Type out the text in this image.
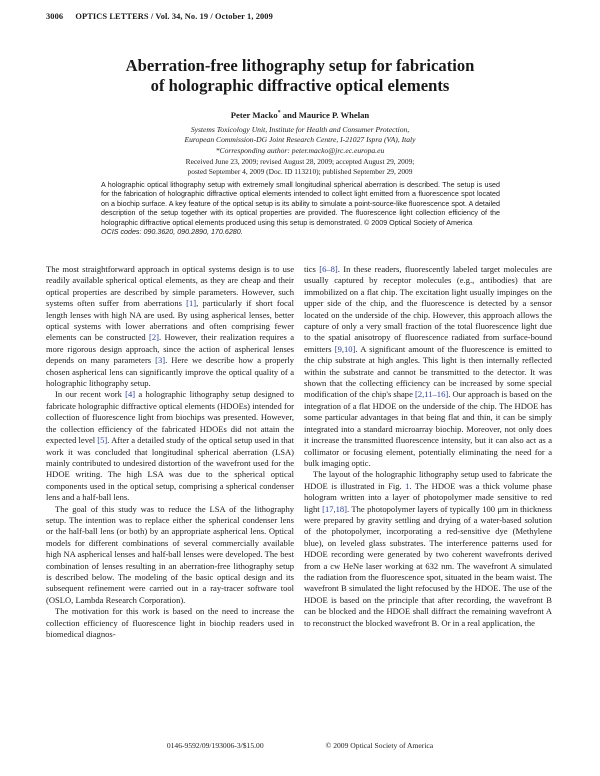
3006 OPTICS LETTERS / Vol. 34, No. 19 / October 1, 2009
Aberration-free lithography setup for fabrication
of holographic diffractive optical elements
Peter Macko* and Maurice P. Whelan
Systems Toxicology Unit, Institute for Health and Consumer Protection,
European Commission-DG Joint Research Centre, I-21027 Ispra (VA), Italy
*Corresponding author: peter.macko@jrc.ec.europa.eu
Received June 23, 2009; revised August 28, 2009; accepted August 29, 2009;
posted September 4, 2009 (Doc. ID 113210); published September 29, 2009
A holographic optical lithography setup with extremely small longitudinal spherical aberration is described. The setup is used for the fabrication of holographic diffractive optical elements intended to collect light emitted from a fluorescence spot located on a biochip surface. A key feature of the optical setup is its ability to simulate a point-source-like fluorescence spot. A detailed description of the setup together with its optical properties are provided. The fluorescence light collection efficiency of the holographic diffractive optical elements produced using this setup is demonstrated. © 2009 Optical Society of America
OCIS codes: 090.3620, 090.2890, 170.6280.

The most straightforward approach in optical systems design is to use readily available spherical optical elements, as they are cheap and their optical properties are described by simple parameters. However, such systems often suffer from aberrations [1], particularly if short focal length lenses with high NA are used. By using aspherical lenses, better optical systems with lower aberrations and often comprising fewer elements can be constructed [2]. However, their realization requires a more rigorous design approach, since the action of aspherical lenses depends on many parameters [3]. Here we describe how a properly chosen aspherical lens can significantly improve the optical quality of a holographic lithography setup.

In our recent work [4] a holographic lithography setup designed to fabricate holographic diffractive optical elements (HDOEs) intended for collection of fluorescence light from biochips was presented. However, the collection efficiency of the fabricated HDOEs did not attain the expected level [5]. After a detailed study of the optical setup used in that work it was concluded that longitudinal spherical aberration (LSA) mainly contributed to undesired distortion of the wavefront used for the HDOE writing. The high LSA was due to the spherical optical components used in the optical setup, comprising a spherical condenser lens and a half-ball lens.

The goal of this study was to reduce the LSA of the lithography setup. The intention was to replace either the spherical condenser lens or the half-ball lens (or both) by an appropriate aspherical lens. Optical models for different combinations of several commercially available high NA aspherical lenses and half-ball lenses were developed. The best combination of lenses resulting in an aberration-free lithography setup is described below. The modeling of the basic optical design and its subsequent refinement were carried out in a ray-tracer software tool (OSLO, Lambda Research Corporation).

The motivation for this work is based on the need to increase the collection efficiency of fluorescence light in biochip readers used in biomedical diagnos-

tics [6–8]. In these readers, fluorescently labeled target molecules are usually captured by receptor molecules (e.g., antibodies) that are immobilized on a flat chip. The excitation light usually impinges on the upper side of the chip, and the fluorescence is detected by a sensor located on the underside of the chip. However, this approach allows the capture of only a very small fraction of the total fluorescence light due to the spatial anisotropy of fluorescence radiated from surface-bound emitters [9,10]. A significant amount of the fluorescence is emitted to the chip substrate at high angles. This light is then internally reflected within the substrate and cannot be transmitted to the detector. It was shown that the collecting efficiency can be increased by some special modification of the chip's shape [2,11–16]. Our approach is based on the integration of a flat HDOE on the underside of the chip. The HDOE has some particular advantages in that being flat and thin, it can be simply integrated into a standard microarray biochip. Moreover, not only does it increase the transmitted fluorescence intensity, but it can also act as a collimator or focusing element, potentially eliminating the need for a bulk imaging optic.

The layout of the holographic lithography setup used to fabricate the HDOE is illustrated in Fig. 1. The HDOE was a thick volume phase hologram written into a layer of photopolymer made sensitive to red light [17,18]. The photopolymer layers of typically 100 μm in thickness were prepared by gravity settling and drying of a water-based solution of the photopolymer, incorporating a red-sensitive dye (Methylene blue), on leveled glass substrates. The interference patterns used for HDOE recording were generated by two coherent wavefronts derived from a cw HeNe laser working at 632 nm. The wavefront A simulated the radiation from the fluorescence spot, situated in the beam waist. The wavefront B simulated the light refocused by the HDOE. The use of the HDOE is based on the principle that after recording, the wavefront B can be blocked and the HDOE shall diffract the remaining wavefront A to reconstruct the blocked wavefront B. Or in a real application, the

0146-9592/09/193006-3/$15.00	© 2009 Optical Society of America
